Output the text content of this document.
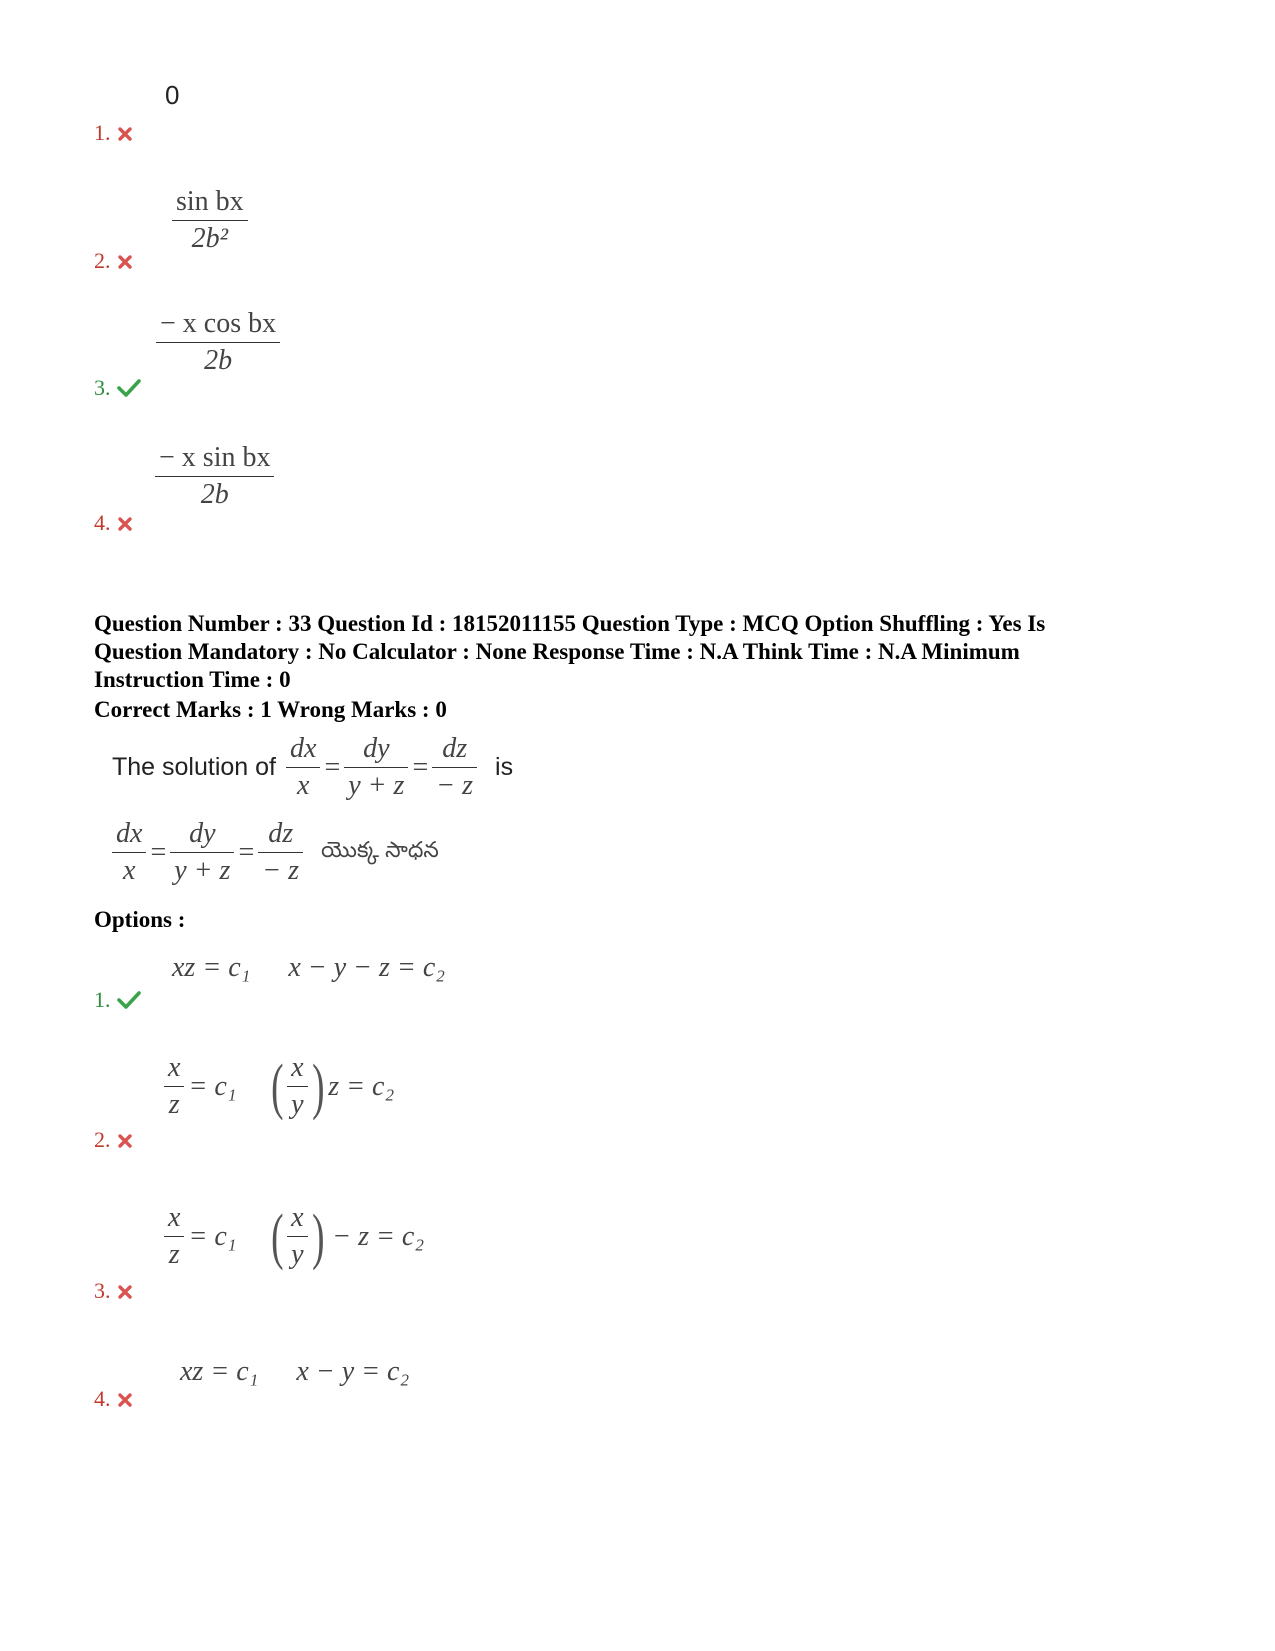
0
1.
$\frac{\text{sin bx}}{\text{2b²}}$
2.
$\frac{\text{− x cos bx}}{2b}$
3.
$\frac{\text{− x sin bx}}{2b}$
4.
Question Number : 33 Question Id : 18152011155 Question Type : MCQ Option Shuffling : Yes Is
Question Mandatory : No Calculator : None Response Time : N.A Think Time : N.A Minimum
Instruction Time : 0
Correct Marks : 1 Wrong Marks : 0
The solution of $\frac{dx}{x} = \frac{dy}{y + z} = \frac{dz}{- z}$ is
$\frac{dx}{x} = \frac{dy}{y + z} = \frac{dz}{- z}$ యొక్క సాధన
Options :
xz = c₁ x − y − z = c₂
1.
$\frac{x}{z} = c_1$ ( $\frac{x}{y}$ ) z = c₂
2.
$\frac{x}{z} = c_1$ ( $\frac{x}{y}$ ) − z = c₂
3.
xz = c₁ x − y = c₂
4.
